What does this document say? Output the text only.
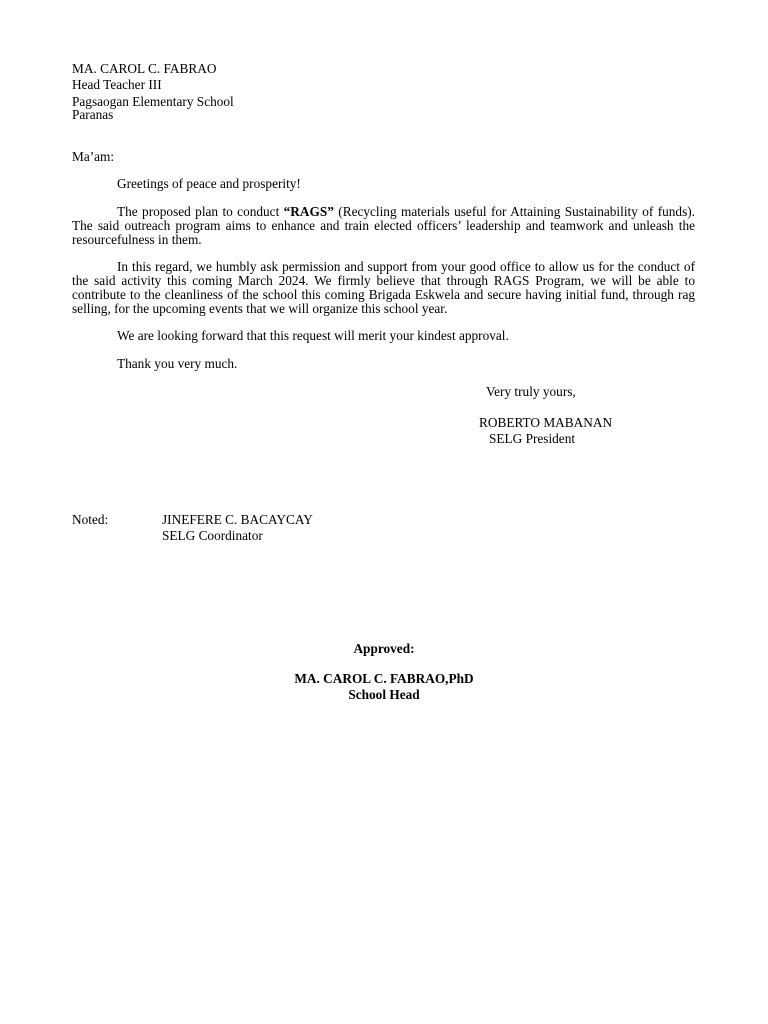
MA. CAROL C. FABRAO
Head Teacher III
Pagsaogan Elementary School
Paranas
Ma’am:
Greetings of peace and prosperity!
The proposed plan to conduct “RAGS” (Recycling materials useful for Attaining Sustainability of funds). The said outreach program aims to enhance and train elected officers’ leadership and teamwork and unleash the resourcefulness in them.
In this regard, we humbly ask permission and support from your good office to allow us for the conduct of the said activity this coming March 2024. We firmly believe that through RAGS Program, we will be able to contribute to the cleanliness of the school this coming Brigada Eskwela and secure having initial fund, through rag selling, for the upcoming events that we will organize this school year.
We are looking forward that this request will merit your kindest approval.
Thank you very much.
Very truly yours,
ROBERTO MABANAN
SELG President
Noted:	JINEFERE C. BACAYCAY
SELG Coordinator
Approved:
MA. CAROL C. FABRAO,PhD
School Head
